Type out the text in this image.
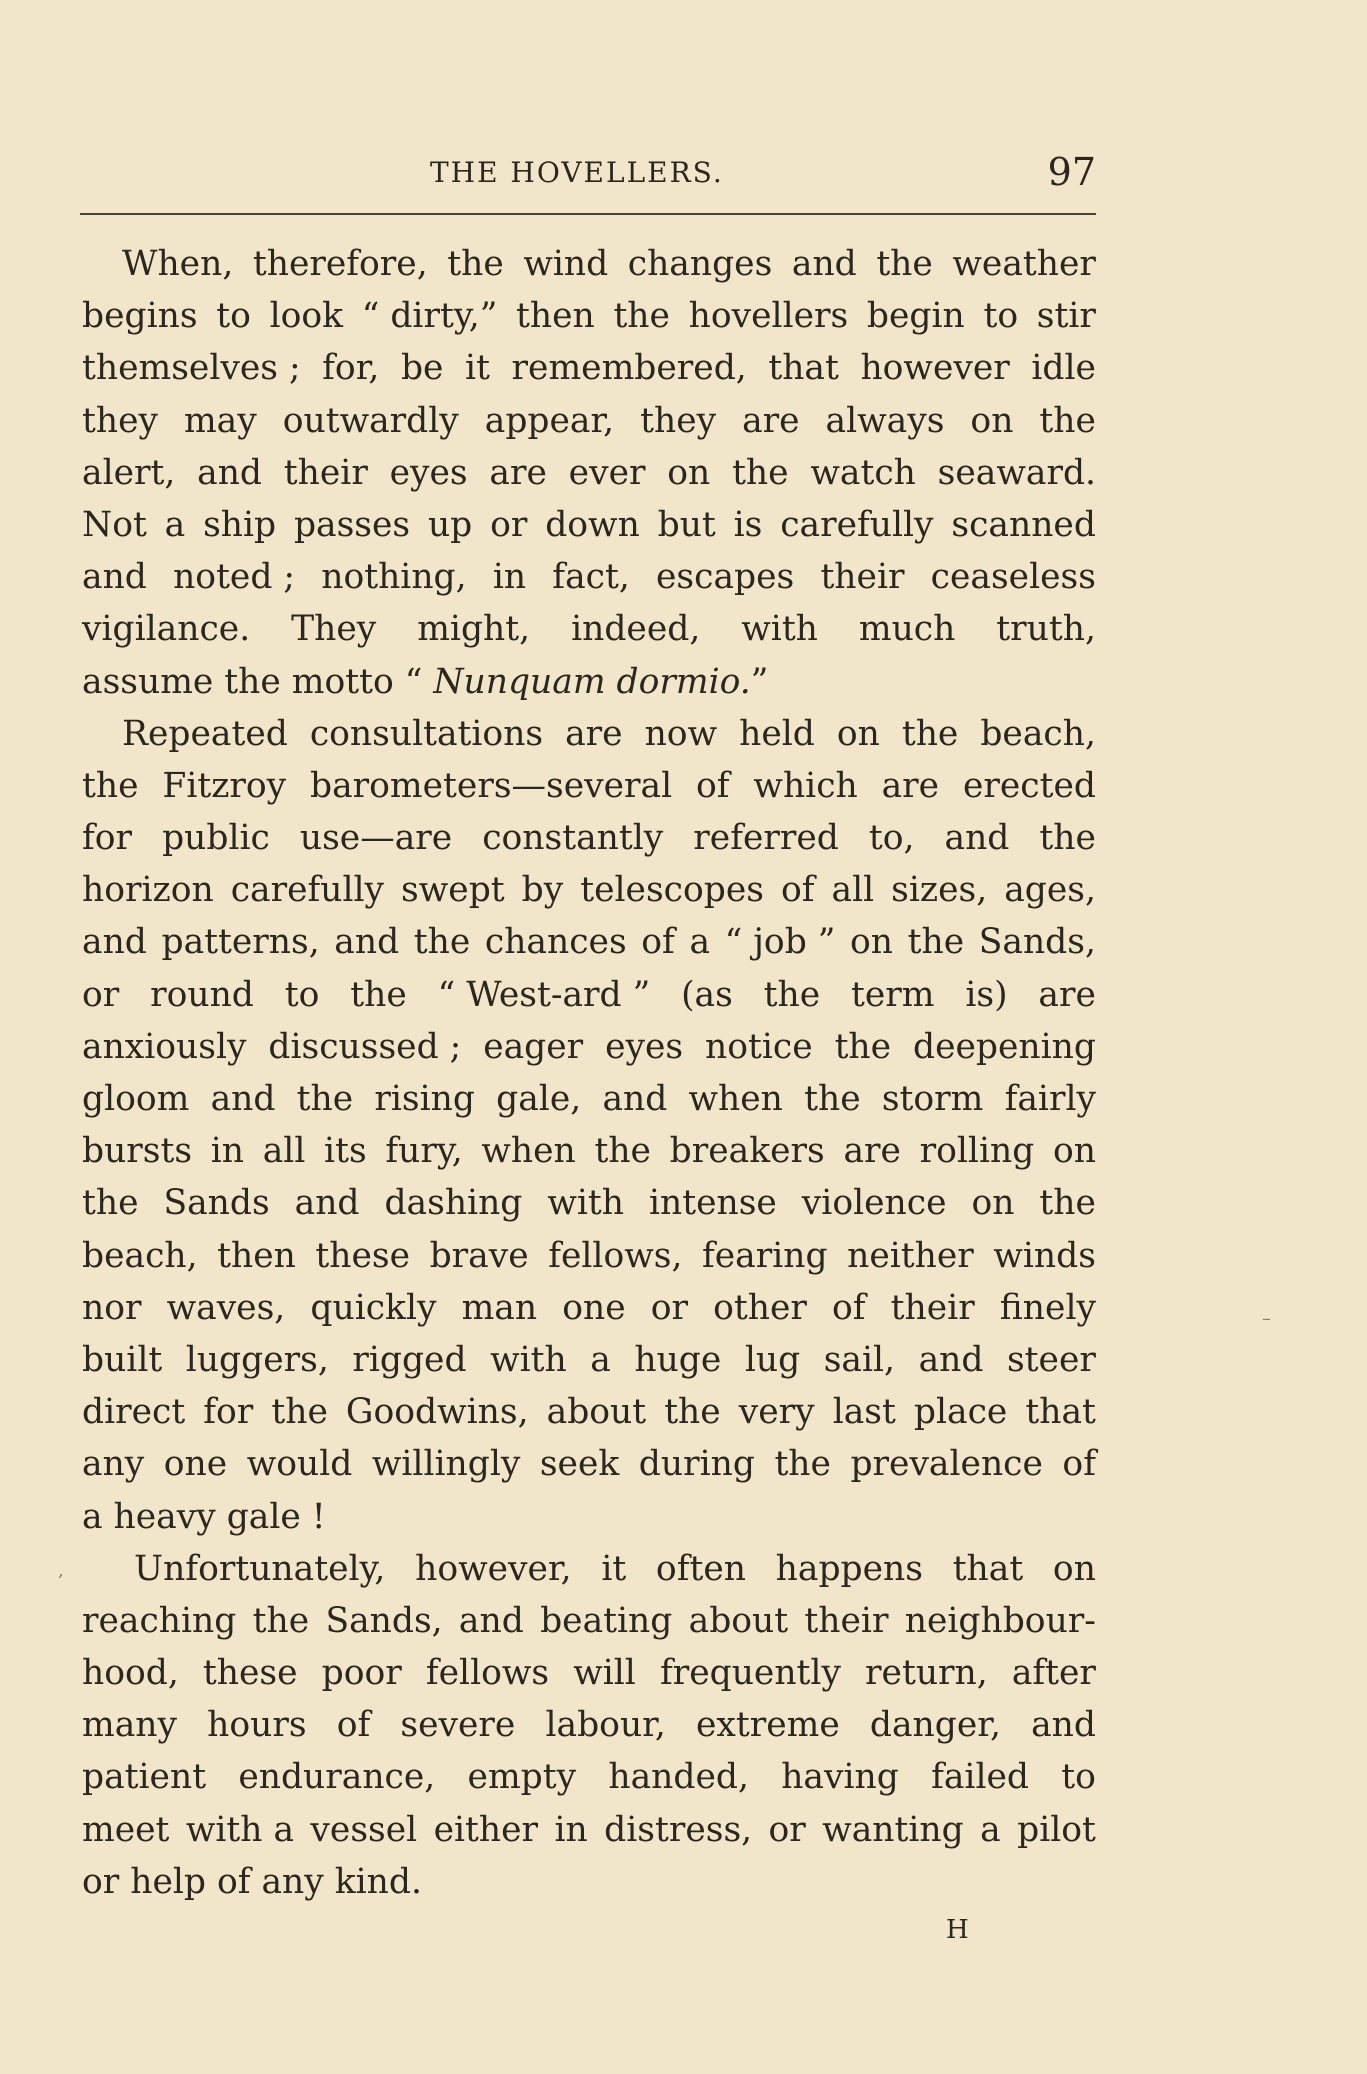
THE HOVELLERS.	97
When, therefore, the wind changes and the weather
begins to look “ dirty,” then the hovellers begin to stir
themselves ; for, be it remembered, that however idle
they may outwardly appear, they are always on the
alert, and their eyes are ever on the watch seaward.
Not a ship passes up or down but is carefully scanned
and noted ; nothing, in fact, escapes their ceaseless
vigilance. They might, indeed, with much truth,
assume the motto “ Nunquam dormio. ”
Repeated consultations are now held on the beach,
the Fitzroy barometers—several of which are erected
for public use—are constantly referred to, and the
horizon carefully swept by telescopes of all sizes, ages,
and patterns, and the chances of a “ job ” on the Sands,
or round to the “ West-ard ” (as the term is) are
anxiously discussed ; eager eyes notice the deepening
gloom and the rising gale, and when the storm fairly
bursts in all its fury, when the breakers are rolling on
the Sands and dashing with intense violence on the
beach, then these brave fellows, fearing neither winds
nor waves, quickly man one or other of their finely
built luggers, rigged with a huge lug sail, and steer
direct for the Goodwins, about the very last place that
any one would willingly seek during the prevalence of
a heavy gale !
Unfortunately, however, it often happens that on
reaching the Sands, and beating about their neighbour-
hood, these poor fellows will frequently return, after
many hours of severe labour, extreme danger, and
patient endurance, empty handed, having failed to
meet with a vessel either in distress, or wanting a pilot
or help of any kind.
–
,
H
